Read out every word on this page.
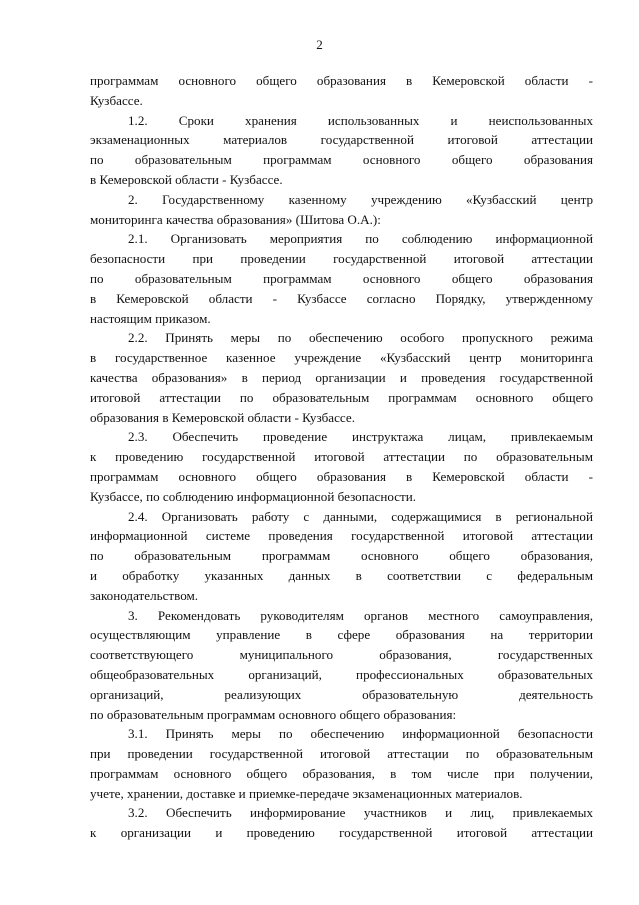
2
программам основного общего образования в Кемеровской области -
Кузбассе.
1.2. Сроки хранения использованных и неиспользованных
экзаменационных материалов государственной итоговой аттестации
по образовательным программам основного общего образования
в Кемеровской области - Кузбассе.
2. Государственному казенному учреждению «Кузбасский центр
мониторинга качества образования» (Шитова О.А.):
2.1. Организовать мероприятия по соблюдению информационной
безопасности при проведении государственной итоговой аттестации
по образовательным программам основного общего образования
в Кемеровской области - Кузбассе согласно Порядку, утвержденному
настоящим приказом.
2.2. Принять меры по обеспечению особого пропускного режима
в государственное казенное учреждение «Кузбасский центр мониторинга
качества образования» в период организации и проведения государственной
итоговой аттестации по образовательным программам основного общего
образования в Кемеровской области - Кузбассе.
2.3. Обеспечить проведение инструктажа лицам, привлекаемым
к проведению государственной итоговой аттестации по образовательным
программам основного общего образования в Кемеровской области -
Кузбассе, по соблюдению информационной безопасности.
2.4. Организовать работу с данными, содержащимися в региональной
информационной системе проведения государственной итоговой аттестации
по образовательным программам основного общего образования,
и обработку указанных данных в соответствии с федеральным
законодательством.
3. Рекомендовать руководителям органов местного самоуправления,
осуществляющим управление в сфере образования на территории
соответствующего муниципального образования, государственных
общеобразовательных организаций, профессиональных образовательных
организаций, реализующих образовательную деятельность
по образовательным программам основного общего образования:
3.1. Принять меры по обеспечению информационной безопасности
при проведении государственной итоговой аттестации по образовательным
программам основного общего образования, в том числе при получении,
учете, хранении, доставке и приемке-передаче экзаменационных материалов.
3.2. Обеспечить информирование участников и лиц, привлекаемых
к организации и проведению государственной итоговой аттестации
